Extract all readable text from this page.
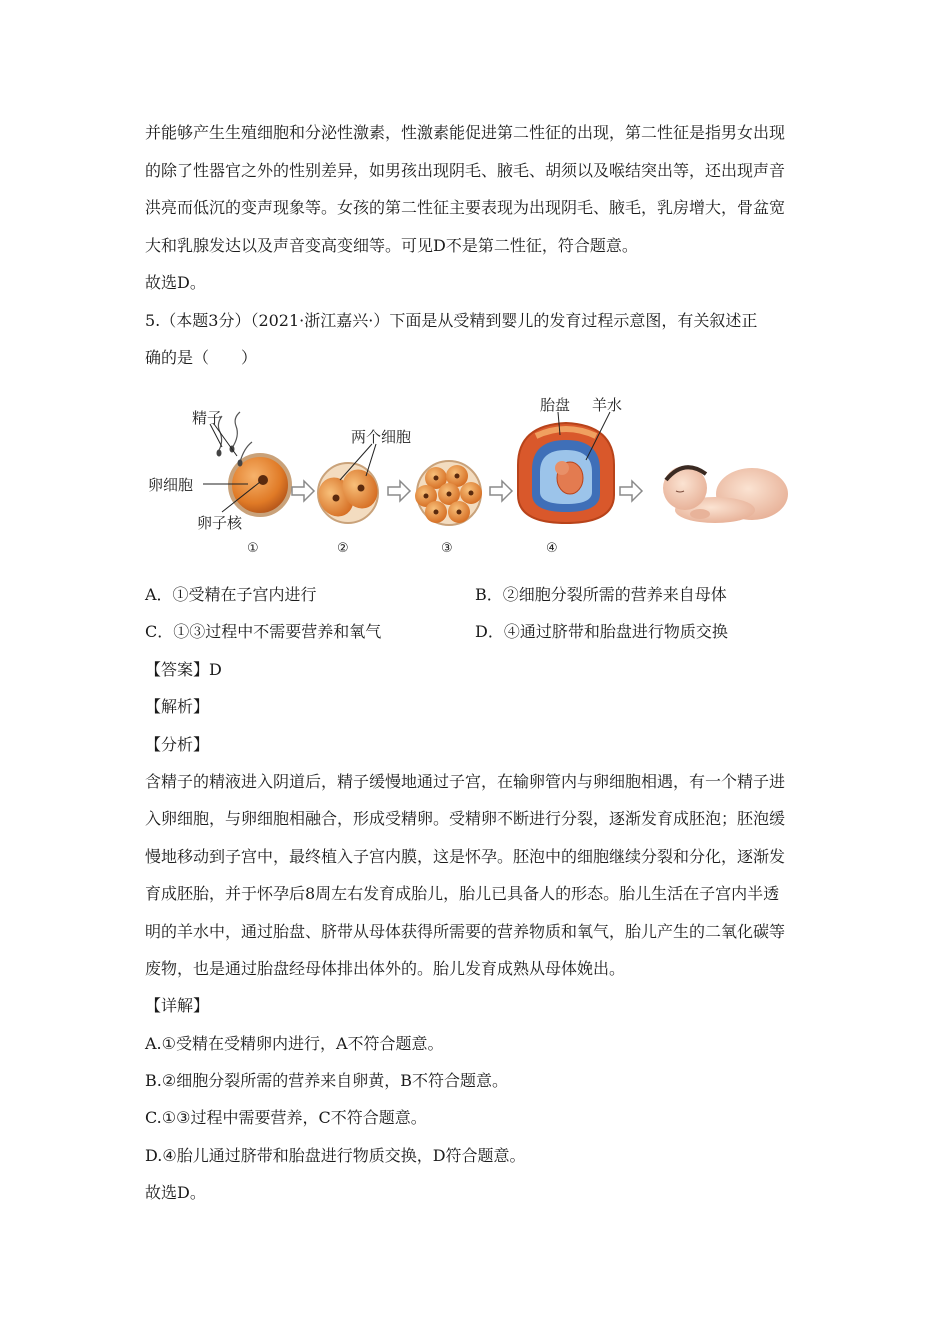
并能够产生生殖细胞和分泌性激素，性激素能促进第二性征的出现，第二性征是指男女出现
的除了性器官之外的性别差异，如男孩出现阴毛、腋毛、胡须以及喉结突出等，还出现声音
洪亮而低沉的变声现象等。女孩的第二性征主要表现为出现阴毛、腋毛，乳房增大，骨盆宽
大和乳腺发达以及声音变高变细等。可见D不是第二性征，符合题意。
故选D。
5.（本题3分）（2021·浙江嘉兴·）下面是从受精到婴儿的发育过程示意图，有关叙述正
确的是（　　）
精子
卵细胞
卵子核
①
两个细胞
②	③
胎盘 羊水
④
A．①受精在子宫内进行	B．②细胞分裂所需的营养来自母体
C．①③过程中不需要营养和氧气	D．④通过脐带和胎盘进行物质交换
【答案】D
【解析】
【分析】
含精子的精液进入阴道后，精子缓慢地通过子宫，在输卵管内与卵细胞相遇，有一个精子进
入卵细胞，与卵细胞相融合，形成受精卵。受精卵不断进行分裂，逐渐发育成胚泡；胚泡缓
慢地移动到子宫中，最终植入子宫内膜，这是怀孕。胚泡中的细胞继续分裂和分化，逐渐发
育成胚胎，并于怀孕后8周左右发育成胎儿，胎儿已具备人的形态。胎儿生活在子宫内半透
明的羊水中，通过胎盘、脐带从母体获得所需要的营养物质和氧气，胎儿产生的二氧化碳等
废物，也是通过胎盘经母体排出体外的。胎儿发育成熟从母体娩出。
【详解】
A.①受精在受精卵内进行，A不符合题意。
B.②细胞分裂所需的营养来自卵黄，B不符合题意。
C.①③过程中需要营养，C不符合题意。
D.④胎儿通过脐带和胎盘进行物质交换，D符合题意。
故选D。
